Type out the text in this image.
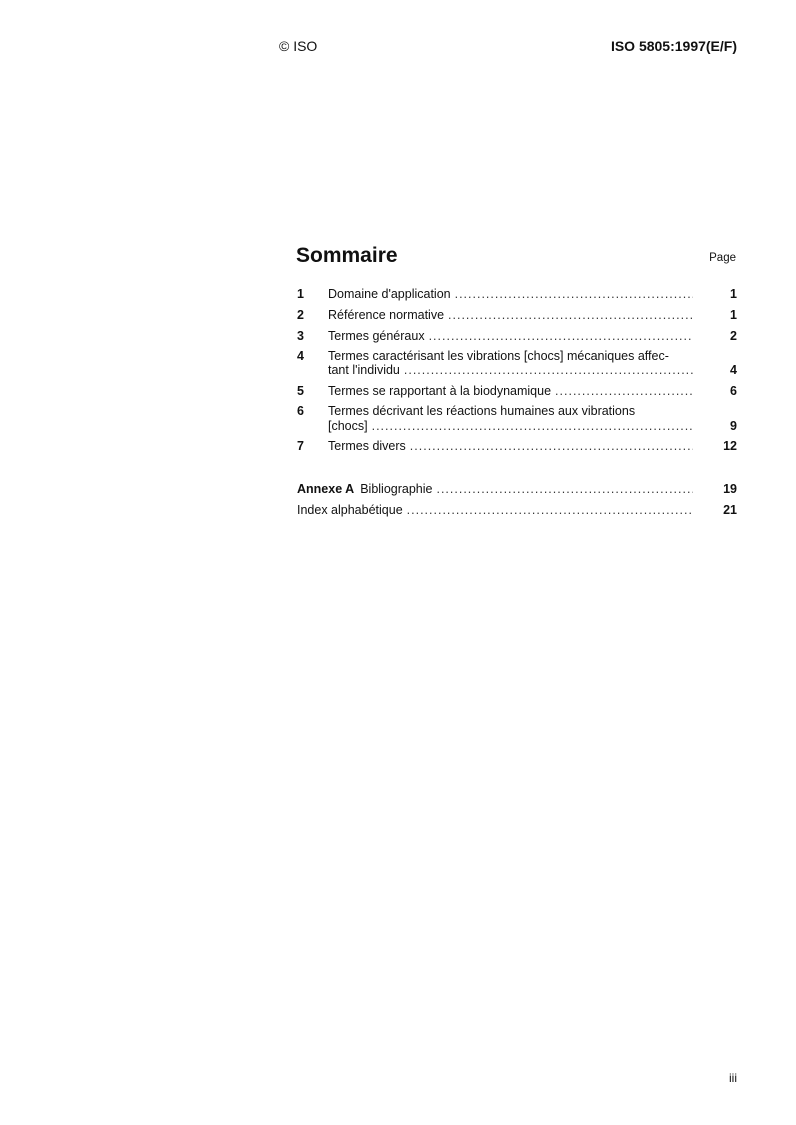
© ISO	ISO 5805:1997(E/F)
Sommaire	Page
1 Domaine d'application .....	1
2 Référence normative .....	1
3 Termes généraux .....	2
4 Termes caractérisant les vibrations [chocs] mécaniques affec-
tant l'individu .....	4
5 Termes se rapportant à la biodynamique .....	6
6 Termes décrivant les réactions humaines aux vibrations
[chocs] .....	9
7 Termes divers .....	12
Annexe A Bibliographie .....	19
Index alphabétique .....	21
iii
